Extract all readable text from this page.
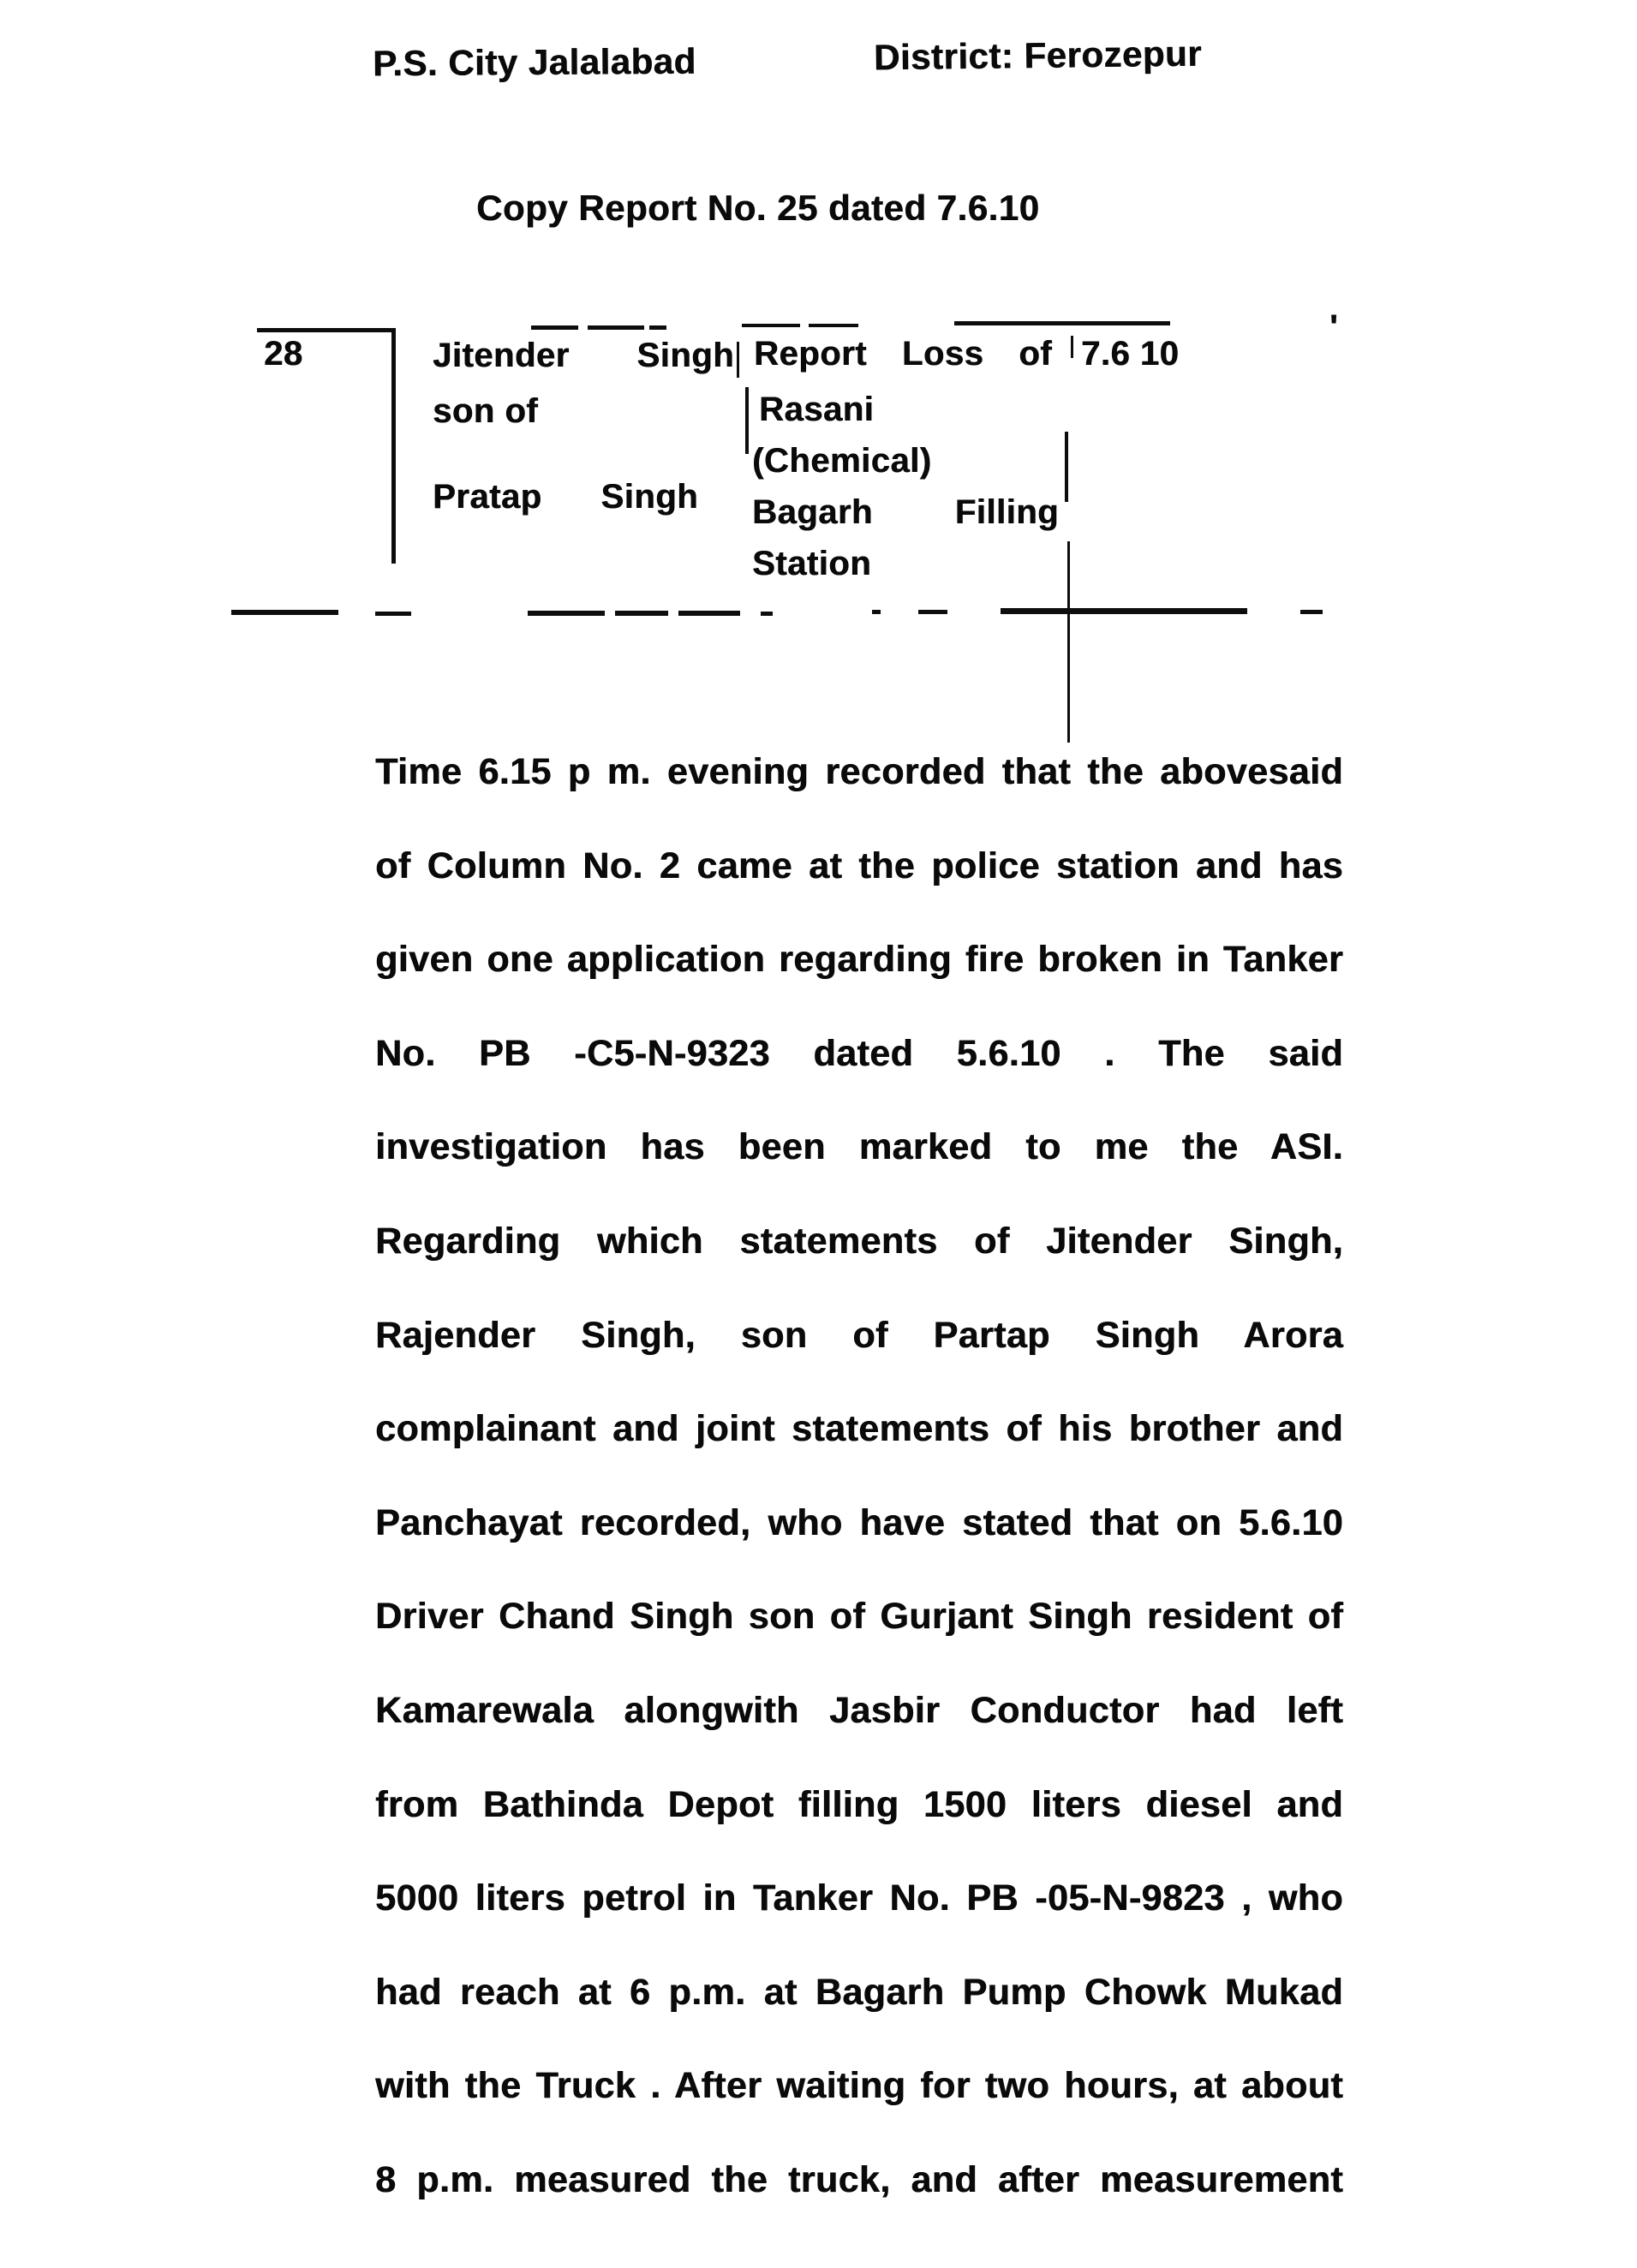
P.S. City Jalalabad	District: Ferozepur
Copy Report No. 25 dated 7.6.10
'
28	Jitender Singh
son of
Pratap Singh
Report Loss of
Rasani
(Chemical)
Bagarh Filling
Station
7.6 10
Time 6.15 p m. evening recorded that the abovesaid
of Column No. 2 came at the police station and has
given one application regarding fire broken in Tanker
No. PB -C5-N-9323 dated 5.6.10 . The said
investigation has been marked to me the ASI.
Regarding which statements of Jitender Singh,
Rajender Singh, son of Partap Singh Arora
complainant and joint statements of his brother and
Panchayat recorded, who have stated that on 5.6.10
Driver Chand Singh son of Gurjant Singh resident of
Kamarewala alongwith Jasbir Conductor had left
from Bathinda Depot filling 1500 liters diesel and
5000 liters petrol in Tanker No. PB -05-N-9823 , who
had reach at 6 p.m. at Bagarh Pump Chowk Mukad
with the Truck . After waiting for two hours, at about
8 p.m. measured the truck, and after measurement
